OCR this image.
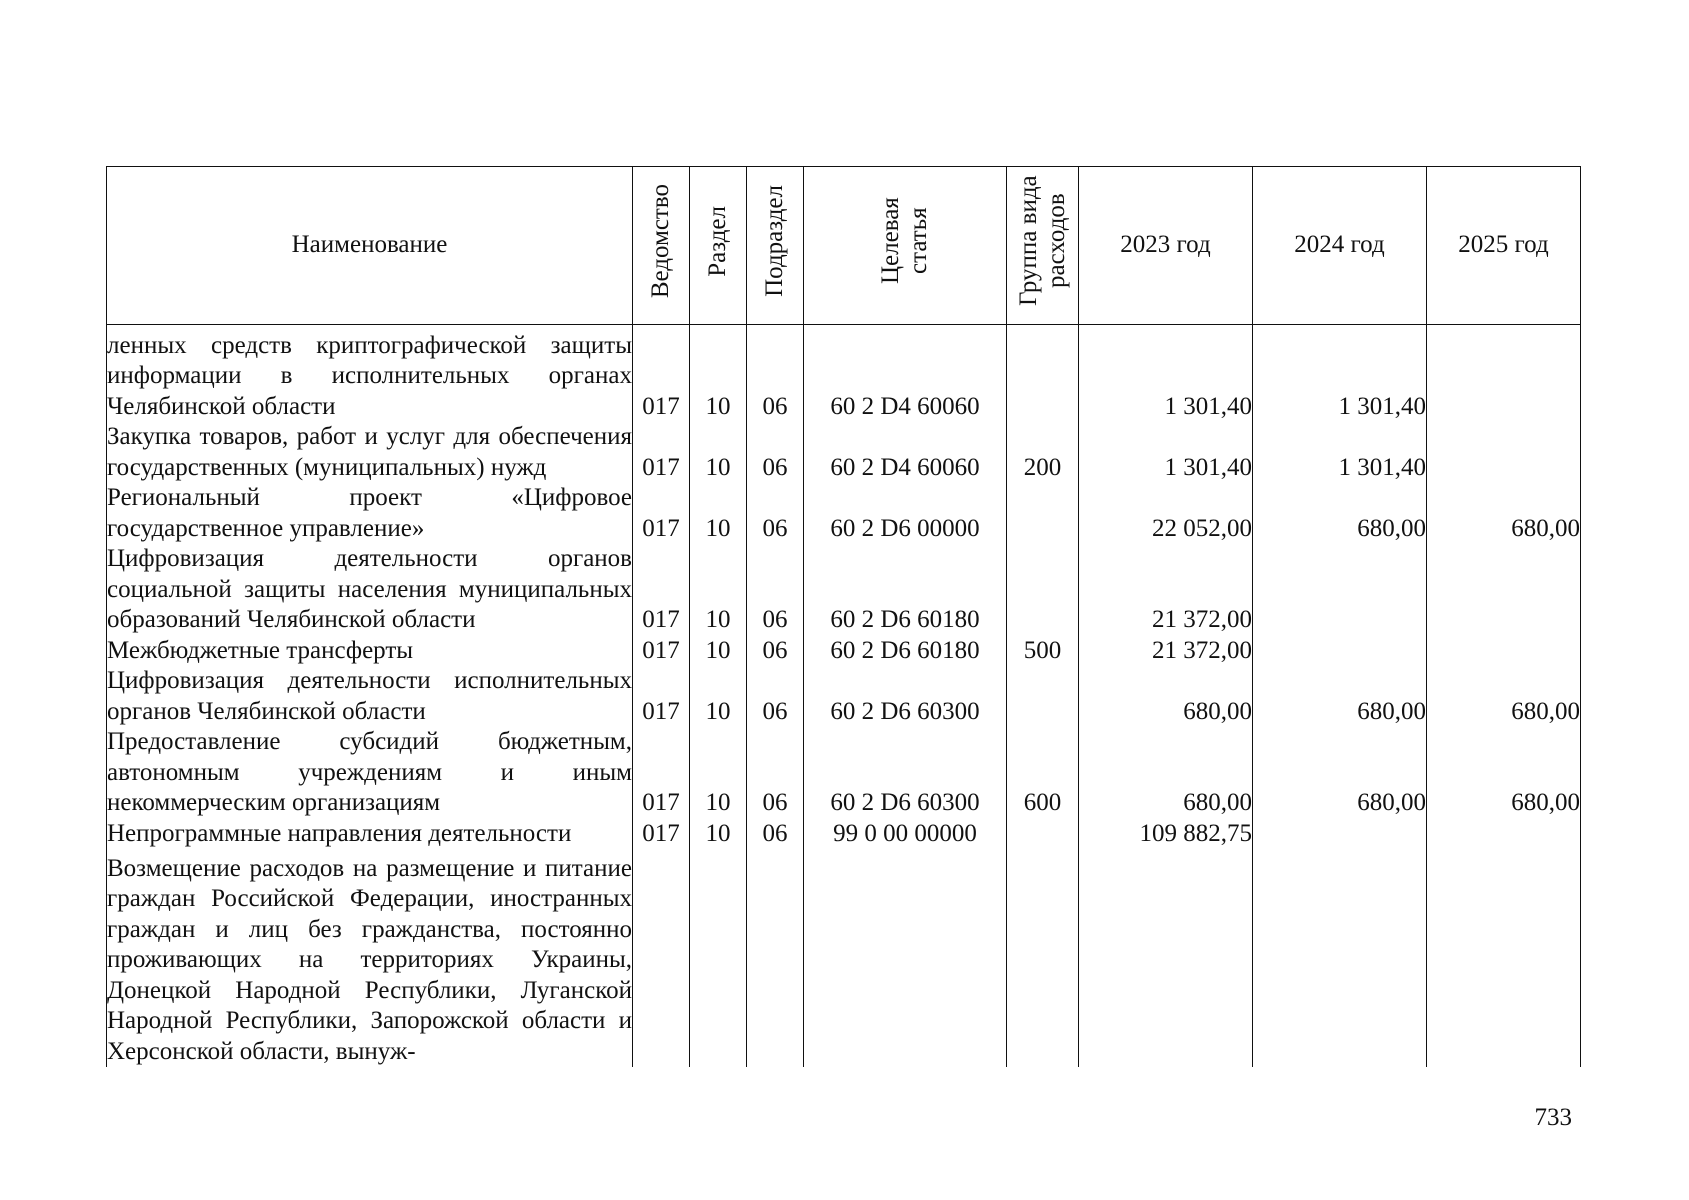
Наименование	Ведомство	Раздел	Подраздел	Целевая статья	Группа вида расходов	2023 год	2024 год	2025 год
ленных средств криптографической защиты информации в исполнительных органах Челябинской области	017	10	06	60 2 D4 60060		1 301,40	1 301,40	
Закупка товаров, работ и услуг для обеспечения государственных (муниципальных) нужд	017	10	06	60 2 D4 60060	200	1 301,40	1 301,40	
Региональный проект «Цифровое государственное управление»	017	10	06	60 2 D6 00000		22 052,00	680,00	680,00
Цифровизация деятельности органов социальной защиты населения муниципальных образований Челябинской области	017	10	06	60 2 D6 60180		21 372,00		
Межбюджетные трансферты	017	10	06	60 2 D6 60180	500	21 372,00		
Цифровизация деятельности исполнительных органов Челябинской области	017	10	06	60 2 D6 60300		680,00	680,00	680,00
Предоставление субсидий бюджетным, автономным учреждениям и иным некоммерческим организациям	017	10	06	60 2 D6 60300	600	680,00	680,00	680,00
Непрограммные направления деятельности	017	10	06	99 0 00 00000		109 882,75		
Возмещение расходов на размещение и питание граждан Российской Федерации, иностранных граждан и лиц без гражданства, постоянно проживающих на территориях Украины, Донецкой Народной Республики, Луганской Народной Республики, Запорожской области и Херсонской области, вынуж-								
733
